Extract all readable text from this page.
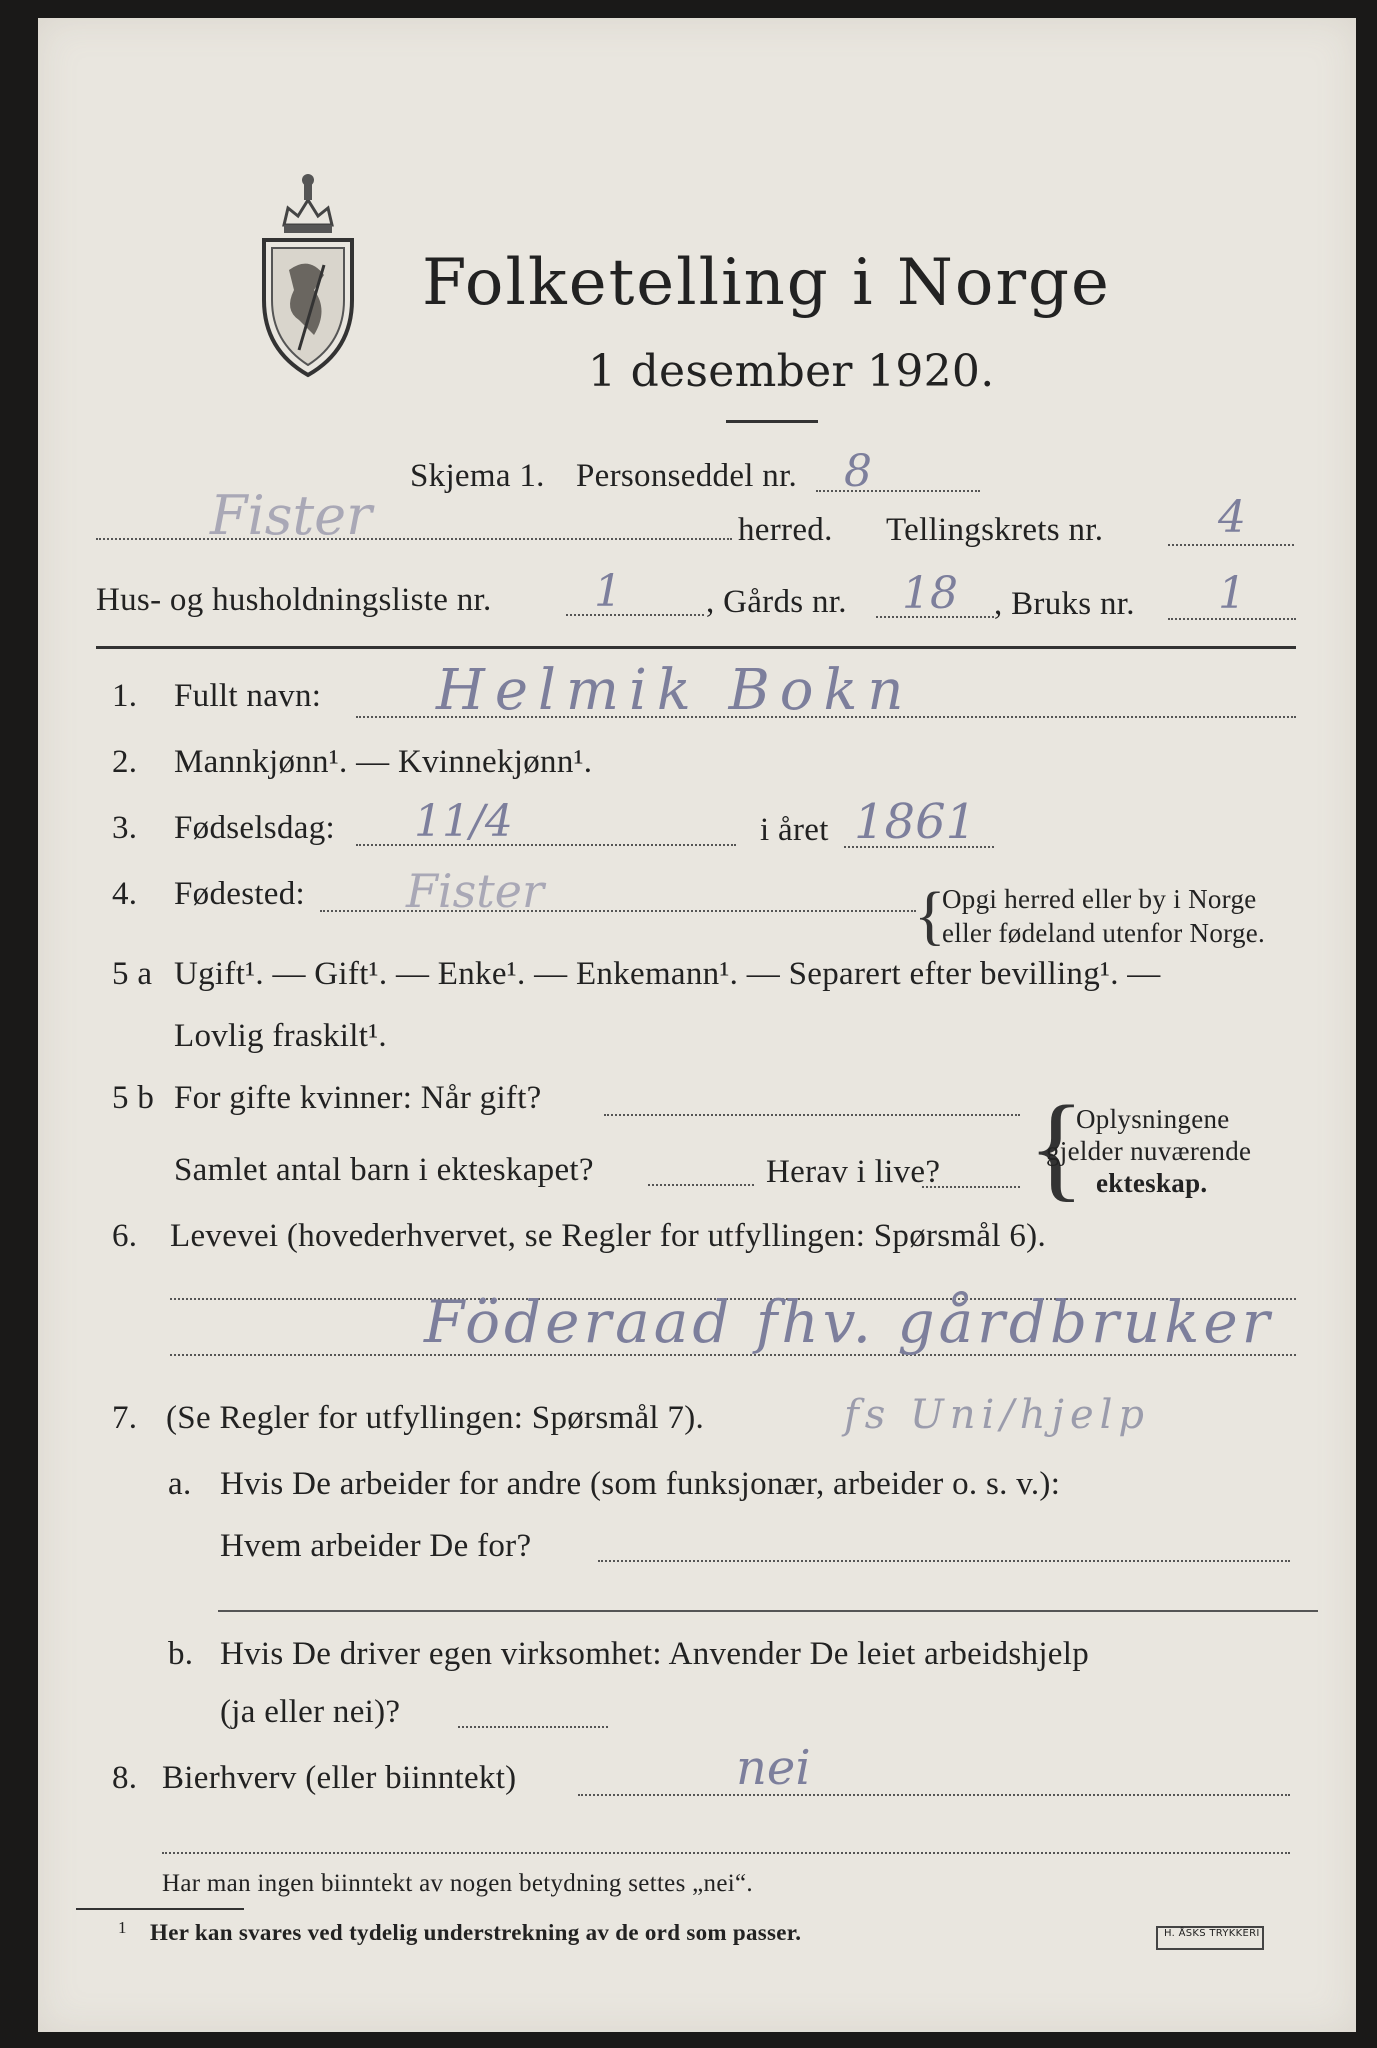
Folketelling i Norge
1 desember 1920.
Skjema 1. Personseddel nr. 8
Fister	herred. Tellingskrets nr.	4
Hus- og husholdningsliste nr. 1	, Gårds nr. 18 , Bruks nr. 1
1. Fullt navn: Helmik Bokn
2. Mannkjønn¹. — Kvinnekjønn¹.
3. Fødselsdag: 11/4	i året 1861
4. Fødested: Fister	{
Opgi herred eller by i Norge
eller fødeland utenfor Norge.
5 a Ugift¹. — Gift¹. — Enke¹. — Enkemann¹. — Separert efter bevilling¹. —
Lovlig fraskilt¹.
5 b For gifte kvinner: Når gift?
Samlet antal barn i ekteskapet?	Herav i live? {
Oplysningene
gjelder nuværende
ekteskap.
6. Levevei (hovederhvervet, se Regler for utfyllingen: Spørsmål 6).
Föderaad fhv. gårdbruker
7. (Se Regler for utfyllingen: Spørsmål 7).	fs Uni/hjelp
a. Hvis De arbeider for andre (som funksjonær, arbeider o. s. v.):
Hvem arbeider De for?
b. Hvis De driver egen virksomhet: Anvender De leiet arbeidshjelp
(ja eller nei)?
8. Bierhverv (eller biinntekt)	nei
Har man ingen biinntekt av nogen betydning settes „nei“.
1 Her kan svares ved tydelig understrekning av de ord som passer.	H. ÅSKS TRYKKERI
